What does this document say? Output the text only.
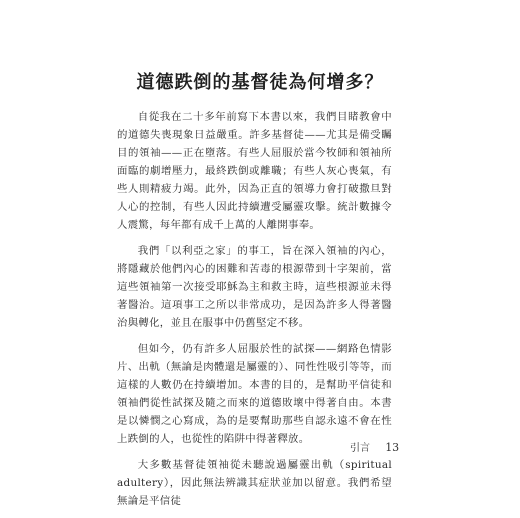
道德跌倒的基督徒為何增多？

自從我在二十多年前寫下本書以來，我們目睹教會中的道德失喪現象日益嚴重。許多基督徒——尤其是備受矚目的領袖——正在墮落。有些人屈服於當今牧師和領袖所面臨的劇增壓力，最終跌倒或離職；有些人灰心喪氣，有些人則精疲力竭。此外，因為正直的領導力會打破撒旦對人心的控制，有些人因此持續遭受屬靈攻擊。統計數據令人震驚，每年都有成千上萬的人離開事奉。

我們「以利亞之家」的事工，旨在深入領袖的內心，將隱藏於他們內心的困難和苦毒的根源帶到十字架前，當這些領袖第一次接受耶穌為主和救主時，這些根源並未得著醫治。這項事工之所以非常成功，是因為許多人得著醫治與轉化，並且在服事中仍舊堅定不移。

但如今，仍有許多人屈服於性的試探——網路色情影片、出軌（無論是肉體還是屬靈的）、同性性吸引等等，而這樣的人數仍在持續增加。本書的目的，是幫助平信徒和領袖們從性試探及隨之而來的道德敗壞中得著自由。本書是以憐憫之心寫成，為的是要幫助那些自認永遠不會在性上跌倒的人，也從性的陷阱中得著釋放。

大多數基督徒領袖從未聽說過屬靈出軌（spiritual adultery），因此無法辨識其症狀並加以留意。我們希望無論是平信徒

引言 13
